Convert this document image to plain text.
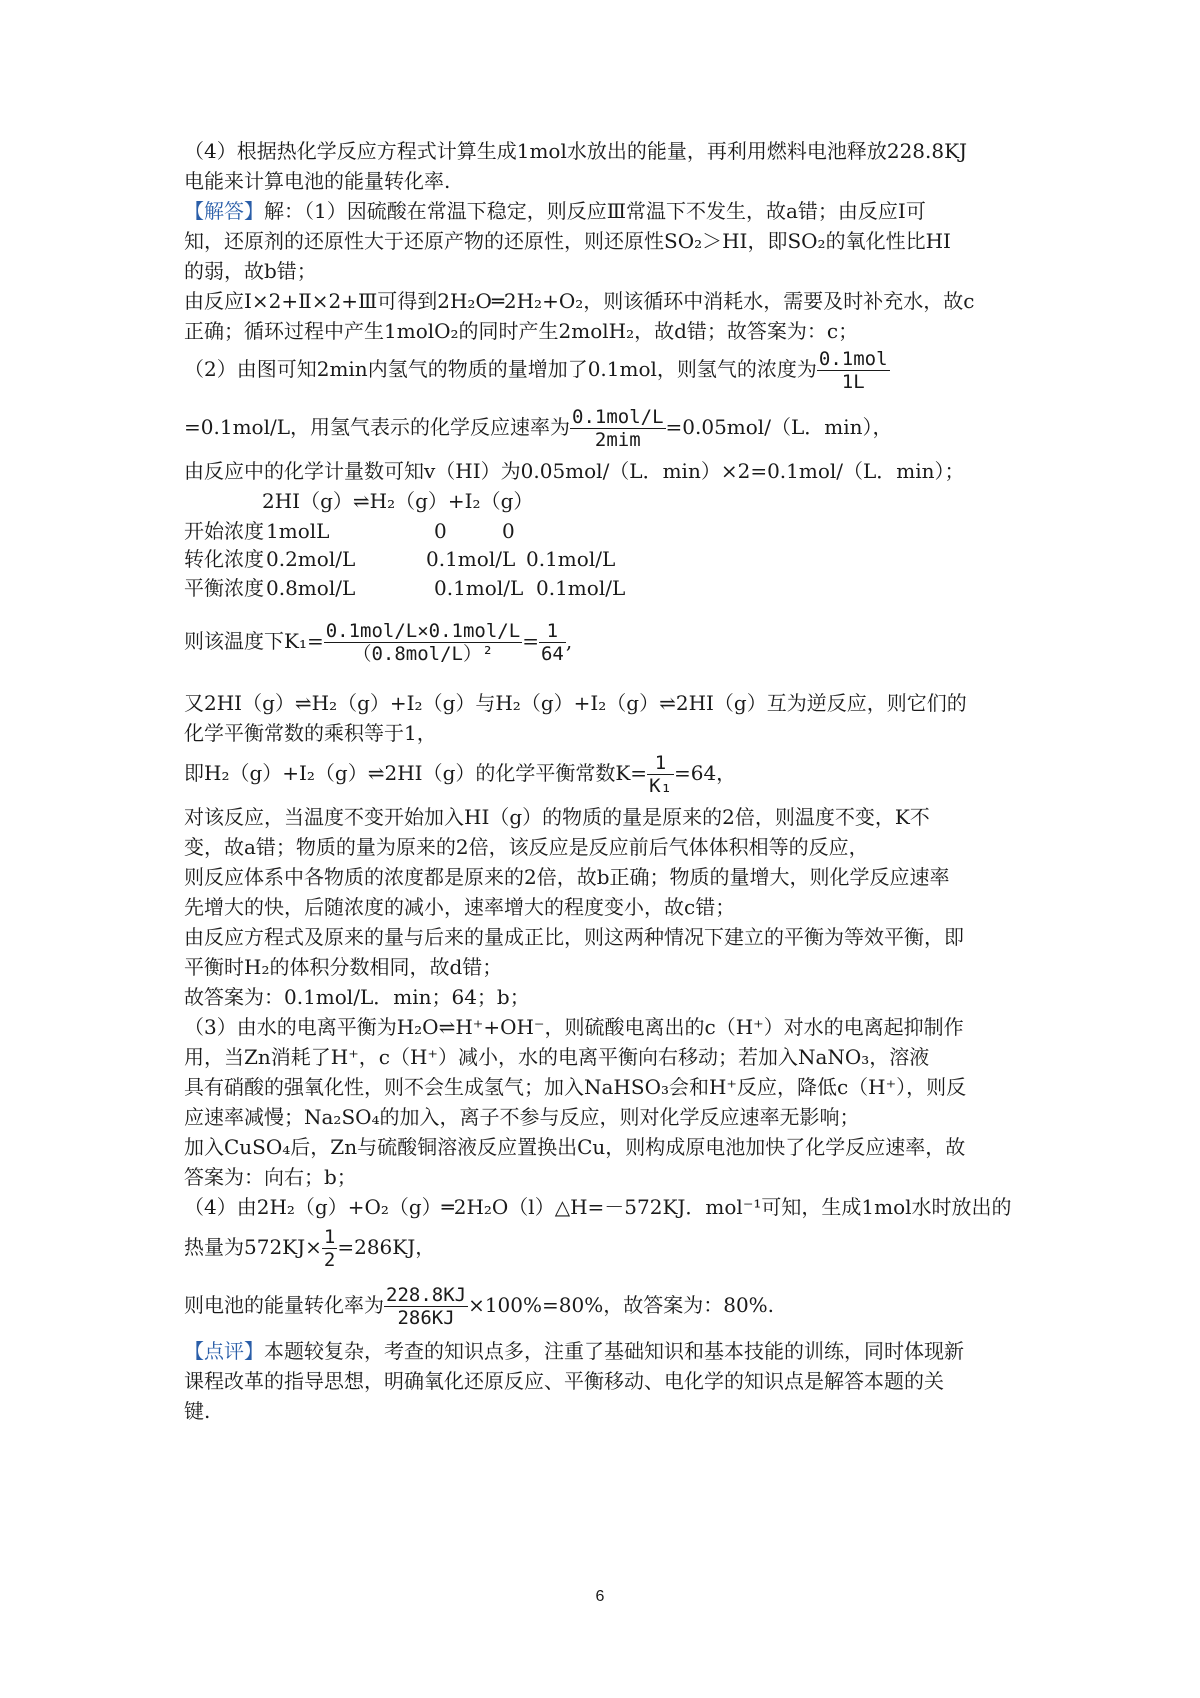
（4）根据热化学反应方程式计算生成1mol水放出的能量，再利用燃料电池释放228.8KJ
电能来计算电池的能量转化率.
【解答】解：（1）因硫酸在常温下稳定，则反应Ⅲ常温下不发生，故a错；由反应Ⅰ可
知，还原剂的还原性大于还原产物的还原性，则还原性SO₂＞HI，即SO₂的氧化性比HI
的弱，故b错；
由反应Ⅰ×2+Ⅱ×2+Ⅲ可得到2H₂O═2H₂+O₂，则该循环中消耗水，需要及时补充水，故c
正确；循环过程中产生1molO₂的同时产生2molH₂，故d错；故答案为：c；
（2）由图可知2min内氢气的物质的量增加了0.1mol，则氢气的浓度为 $\frac{\text{0.1mol}}{1L}$
=0.1mol/L，用氢气表示的化学反应速率为 $\frac{\text{0.1mol/L}}{\text{2mim}} =0.05mol/(L$．min），
由反应中的化学计量数可知v（HI）为0.05mol/（L．min）×2=0.1mol/（L．min）；
2HI（g）⇌H₂（g）+I₂（g）
开始浓度 1molL	0	0
转化浓度 0.2mol/L	0.1mol/L 0.1mol/L
平衡浓度 0.8mol/L	0.1mol/L 0.1mol/L
则该温度下$K_1= \frac{\text{0.1mol/L×0.1mol/L}}{\text{（0.8mol/L）²}} = \frac{1}{64}$ ,
又2HI（g）⇌H₂（g）+I₂（g）与H₂（g）+I₂（g）⇌2HI（g）互为逆反应，则它们的
化学平衡常数的乘积等于1，
即H₂（g）+I₂（g）⇌2HI（g）的化学平衡常数$K= \frac{1}{\text{K₁}} =64$，
对该反应，当温度不变开始加入HI（g）的物质的量是原来的2倍，则温度不变，K不
变，故a错；物质的量为原来的2倍，该反应是反应前后气体体积相等的反应，
则反应体系中各物质的浓度都是原来的2倍，故b正确；物质的量增大，则化学反应速率
先增大的快，后随浓度的减小，速率增大的程度变小，故c错；
由反应方程式及原来的量与后来的量成正比，则这两种情况下建立的平衡为等效平衡，即
平衡时H₂的体积分数相同，故d错；
故答案为：0.1mol/L．min；64；b；
（3）由水的电离平衡为H₂O⇌H⁺+OH⁻，则硫酸电离出的c（H⁺）对水的电离起抑制作
用，当Zn消耗了H⁺，c（H⁺）减小，水的电离平衡向右移动；若加入NaNO₃，溶液
具有硝酸的强氧化性，则不会生成氢气；加入NaHSO₃会和H⁺反应，降低c（H⁺），则反
应速率减慢；Na₂SO₄的加入，离子不参与反应，则对化学反应速率无影响；
加入CuSO₄后，Zn与硫酸铜溶液反应置换出Cu，则构成原电池加快了化学反应速率，故
答案为：向右；b；
（4）由2H₂（g）+O₂（g）═2H₂O（l）△H=－572KJ．mol⁻¹可知，生成1mol水时放出的
热量为$572KJ\times \frac{1}{2} =286KJ$，
则电池的能量转化率为 $\frac{228.8KJ}{286KJ} \times 100\%=80\%$，故答案为：80%.
【点评】本题较复杂，考查的知识点多，注重了基础知识和基本技能的训练，同时体现新
课程改革的指导思想，明确氧化还原反应、平衡移动、电化学的知识点是解答本题的关
键.
6
